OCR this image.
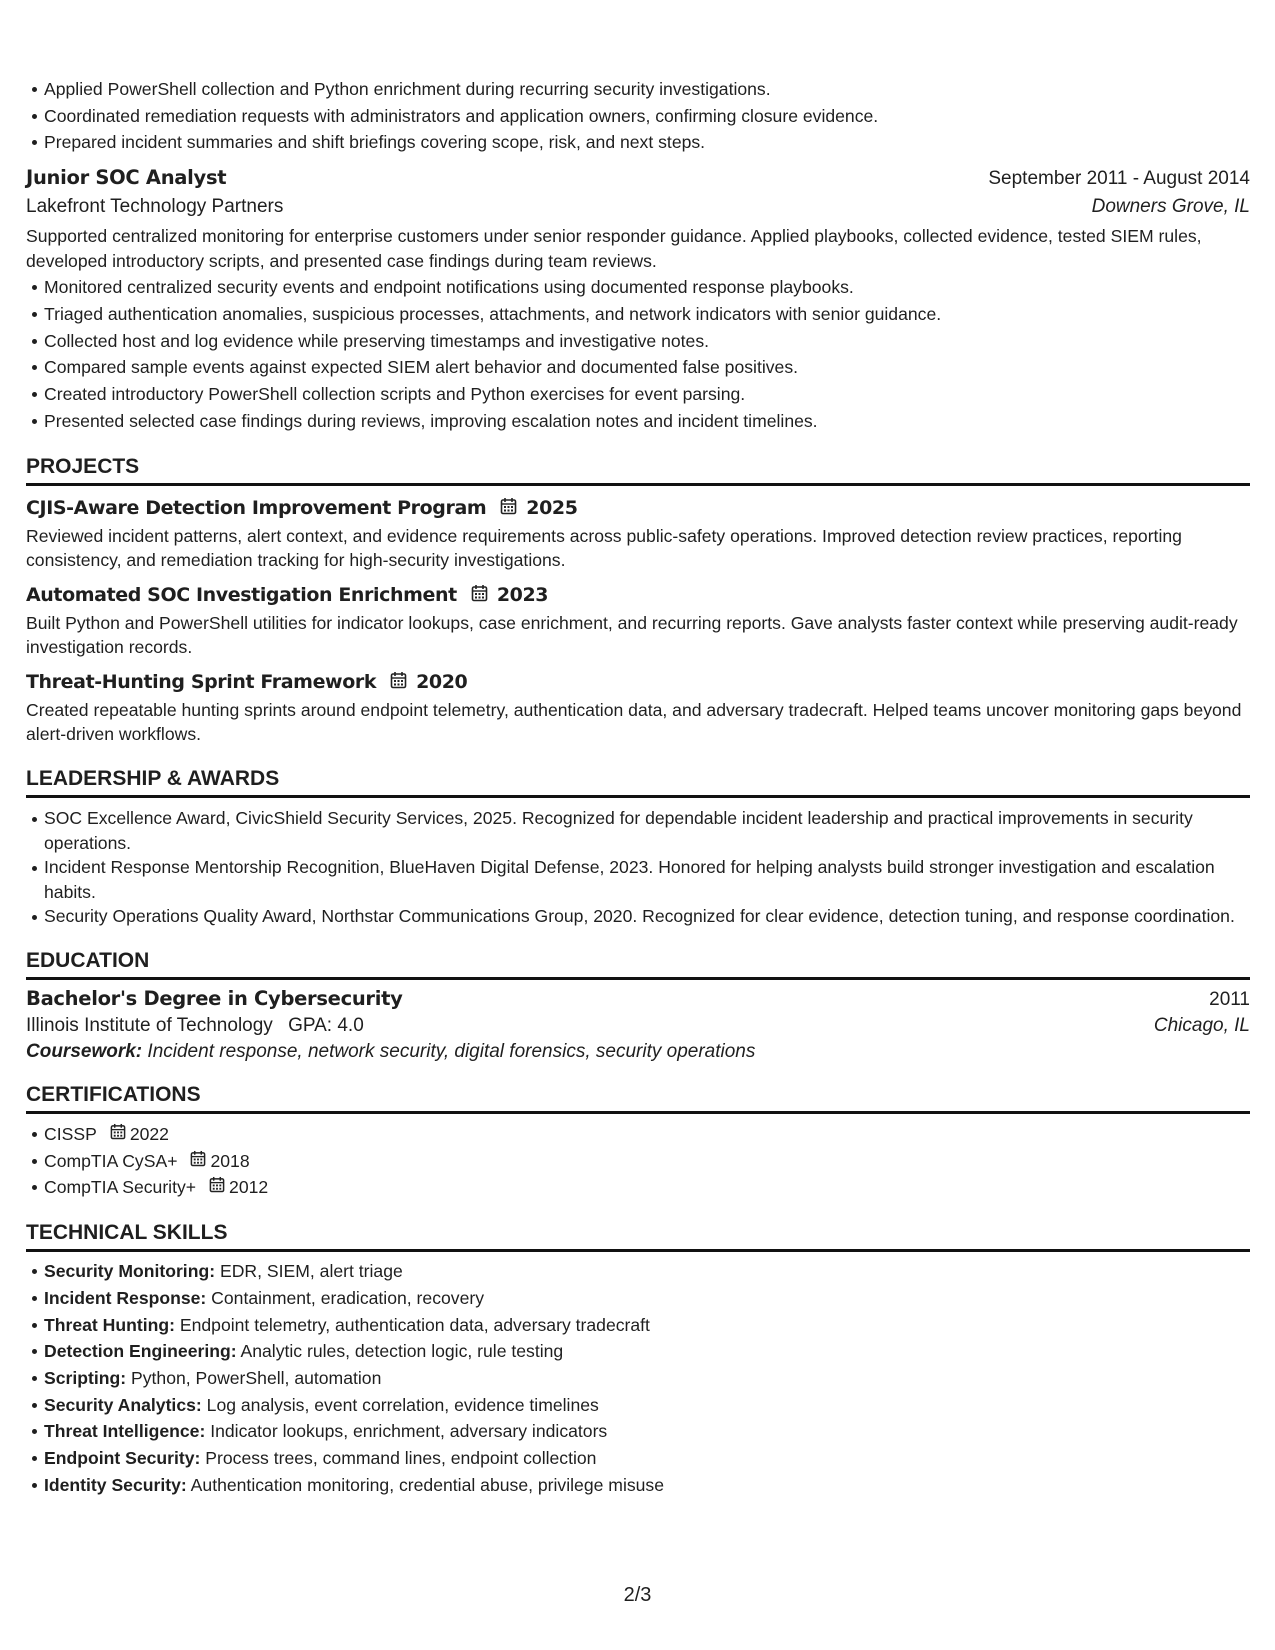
Applied PowerShell collection and Python enrichment during recurring security investigations.
Coordinated remediation requests with administrators and application owners, confirming closure evidence.
Prepared incident summaries and shift briefings covering scope, risk, and next steps.
Junior SOC Analyst	September 2011 - August 2014
Lakefront Technology Partners	Downers Grove, IL
Supported centralized monitoring for enterprise customers under senior responder guidance. Applied playbooks, collected evidence, tested SIEM rules, developed introductory scripts, and presented case findings during team reviews.
Monitored centralized security events and endpoint notifications using documented response playbooks.
Triaged authentication anomalies, suspicious processes, attachments, and network indicators with senior guidance.
Collected host and log evidence while preserving timestamps and investigative notes.
Compared sample events against expected SIEM alert behavior and documented false positives.
Created introductory PowerShell collection scripts and Python exercises for event parsing.
Presented selected case findings during reviews, improving escalation notes and incident timelines.
PROJECTS
CJIS-Aware Detection Improvement Program 2025
Reviewed incident patterns, alert context, and evidence requirements across public-safety operations. Improved detection review practices, reporting consistency, and remediation tracking for high-security investigations.
Automated SOC Investigation Enrichment 2023
Built Python and PowerShell utilities for indicator lookups, case enrichment, and recurring reports. Gave analysts faster context while preserving audit-ready investigation records.
Threat-Hunting Sprint Framework 2020
Created repeatable hunting sprints around endpoint telemetry, authentication data, and adversary tradecraft. Helped teams uncover monitoring gaps beyond alert-driven workflows.
LEADERSHIP & AWARDS
SOC Excellence Award, CivicShield Security Services, 2025. Recognized for dependable incident leadership and practical improvements in security operations.
Incident Response Mentorship Recognition, BlueHaven Digital Defense, 2023. Honored for helping analysts build stronger investigation and escalation habits.
Security Operations Quality Award, Northstar Communications Group, 2020. Recognized for clear evidence, detection tuning, and response coordination.
EDUCATION
Bachelor's Degree in Cybersecurity	2011
Illinois Institute of Technology GPA: 4.0	Chicago, IL
Coursework: Incident response, network security, digital forensics, security operations
CERTIFICATIONS
CISSP 2022
CompTIA CySA+ 2018
CompTIA Security+ 2012
TECHNICAL SKILLS
Security Monitoring: EDR, SIEM, alert triage
Incident Response: Containment, eradication, recovery
Threat Hunting: Endpoint telemetry, authentication data, adversary tradecraft
Detection Engineering: Analytic rules, detection logic, rule testing
Scripting: Python, PowerShell, automation
Security Analytics: Log analysis, event correlation, evidence timelines
Threat Intelligence: Indicator lookups, enrichment, adversary indicators
Endpoint Security: Process trees, command lines, endpoint collection
Identity Security: Authentication monitoring, credential abuse, privilege misuse
2/3
